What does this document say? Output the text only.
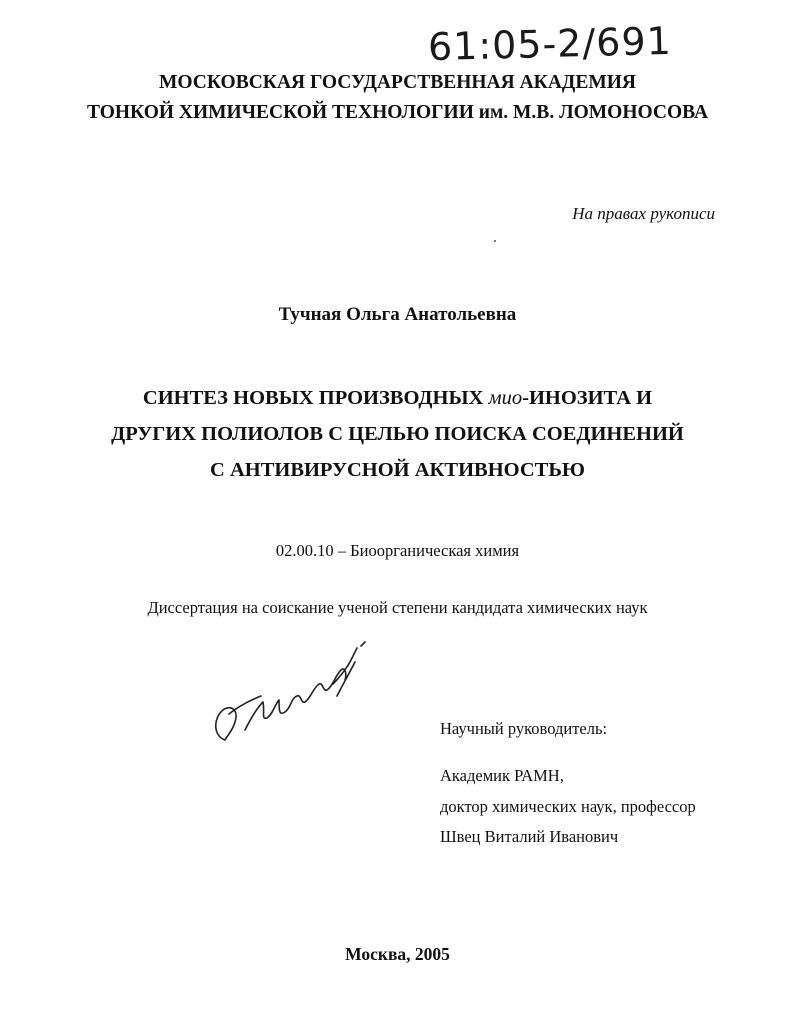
61:05-2/691
МОСКОВСКАЯ ГОСУДАРСТВЕННАЯ АКАДЕМИЯ
ТОНКОЙ ХИМИЧЕСКОЙ ТЕХНОЛОГИИ им. М.В. ЛОМОНОСОВА
На правах рукописи
Тучная Ольга Анатольевна
СИНТЕЗ НОВЫХ ПРОИЗВОДНЫХ мио-ИНОЗИТА И
ДРУГИХ ПОЛИОЛОВ С ЦЕЛЬЮ ПОИСКА СОЕДИНЕНИЙ
С АНТИВИРУСНОЙ АКТИВНОСТЬЮ
02.00.10 – Биоорганическая химия
Диссертация на соискание ученой степени кандидата химических наук
Научный руководитель:
Академик РАМН,
доктор химических наук, профессор
Швец Виталий Иванович
Москва, 2005
